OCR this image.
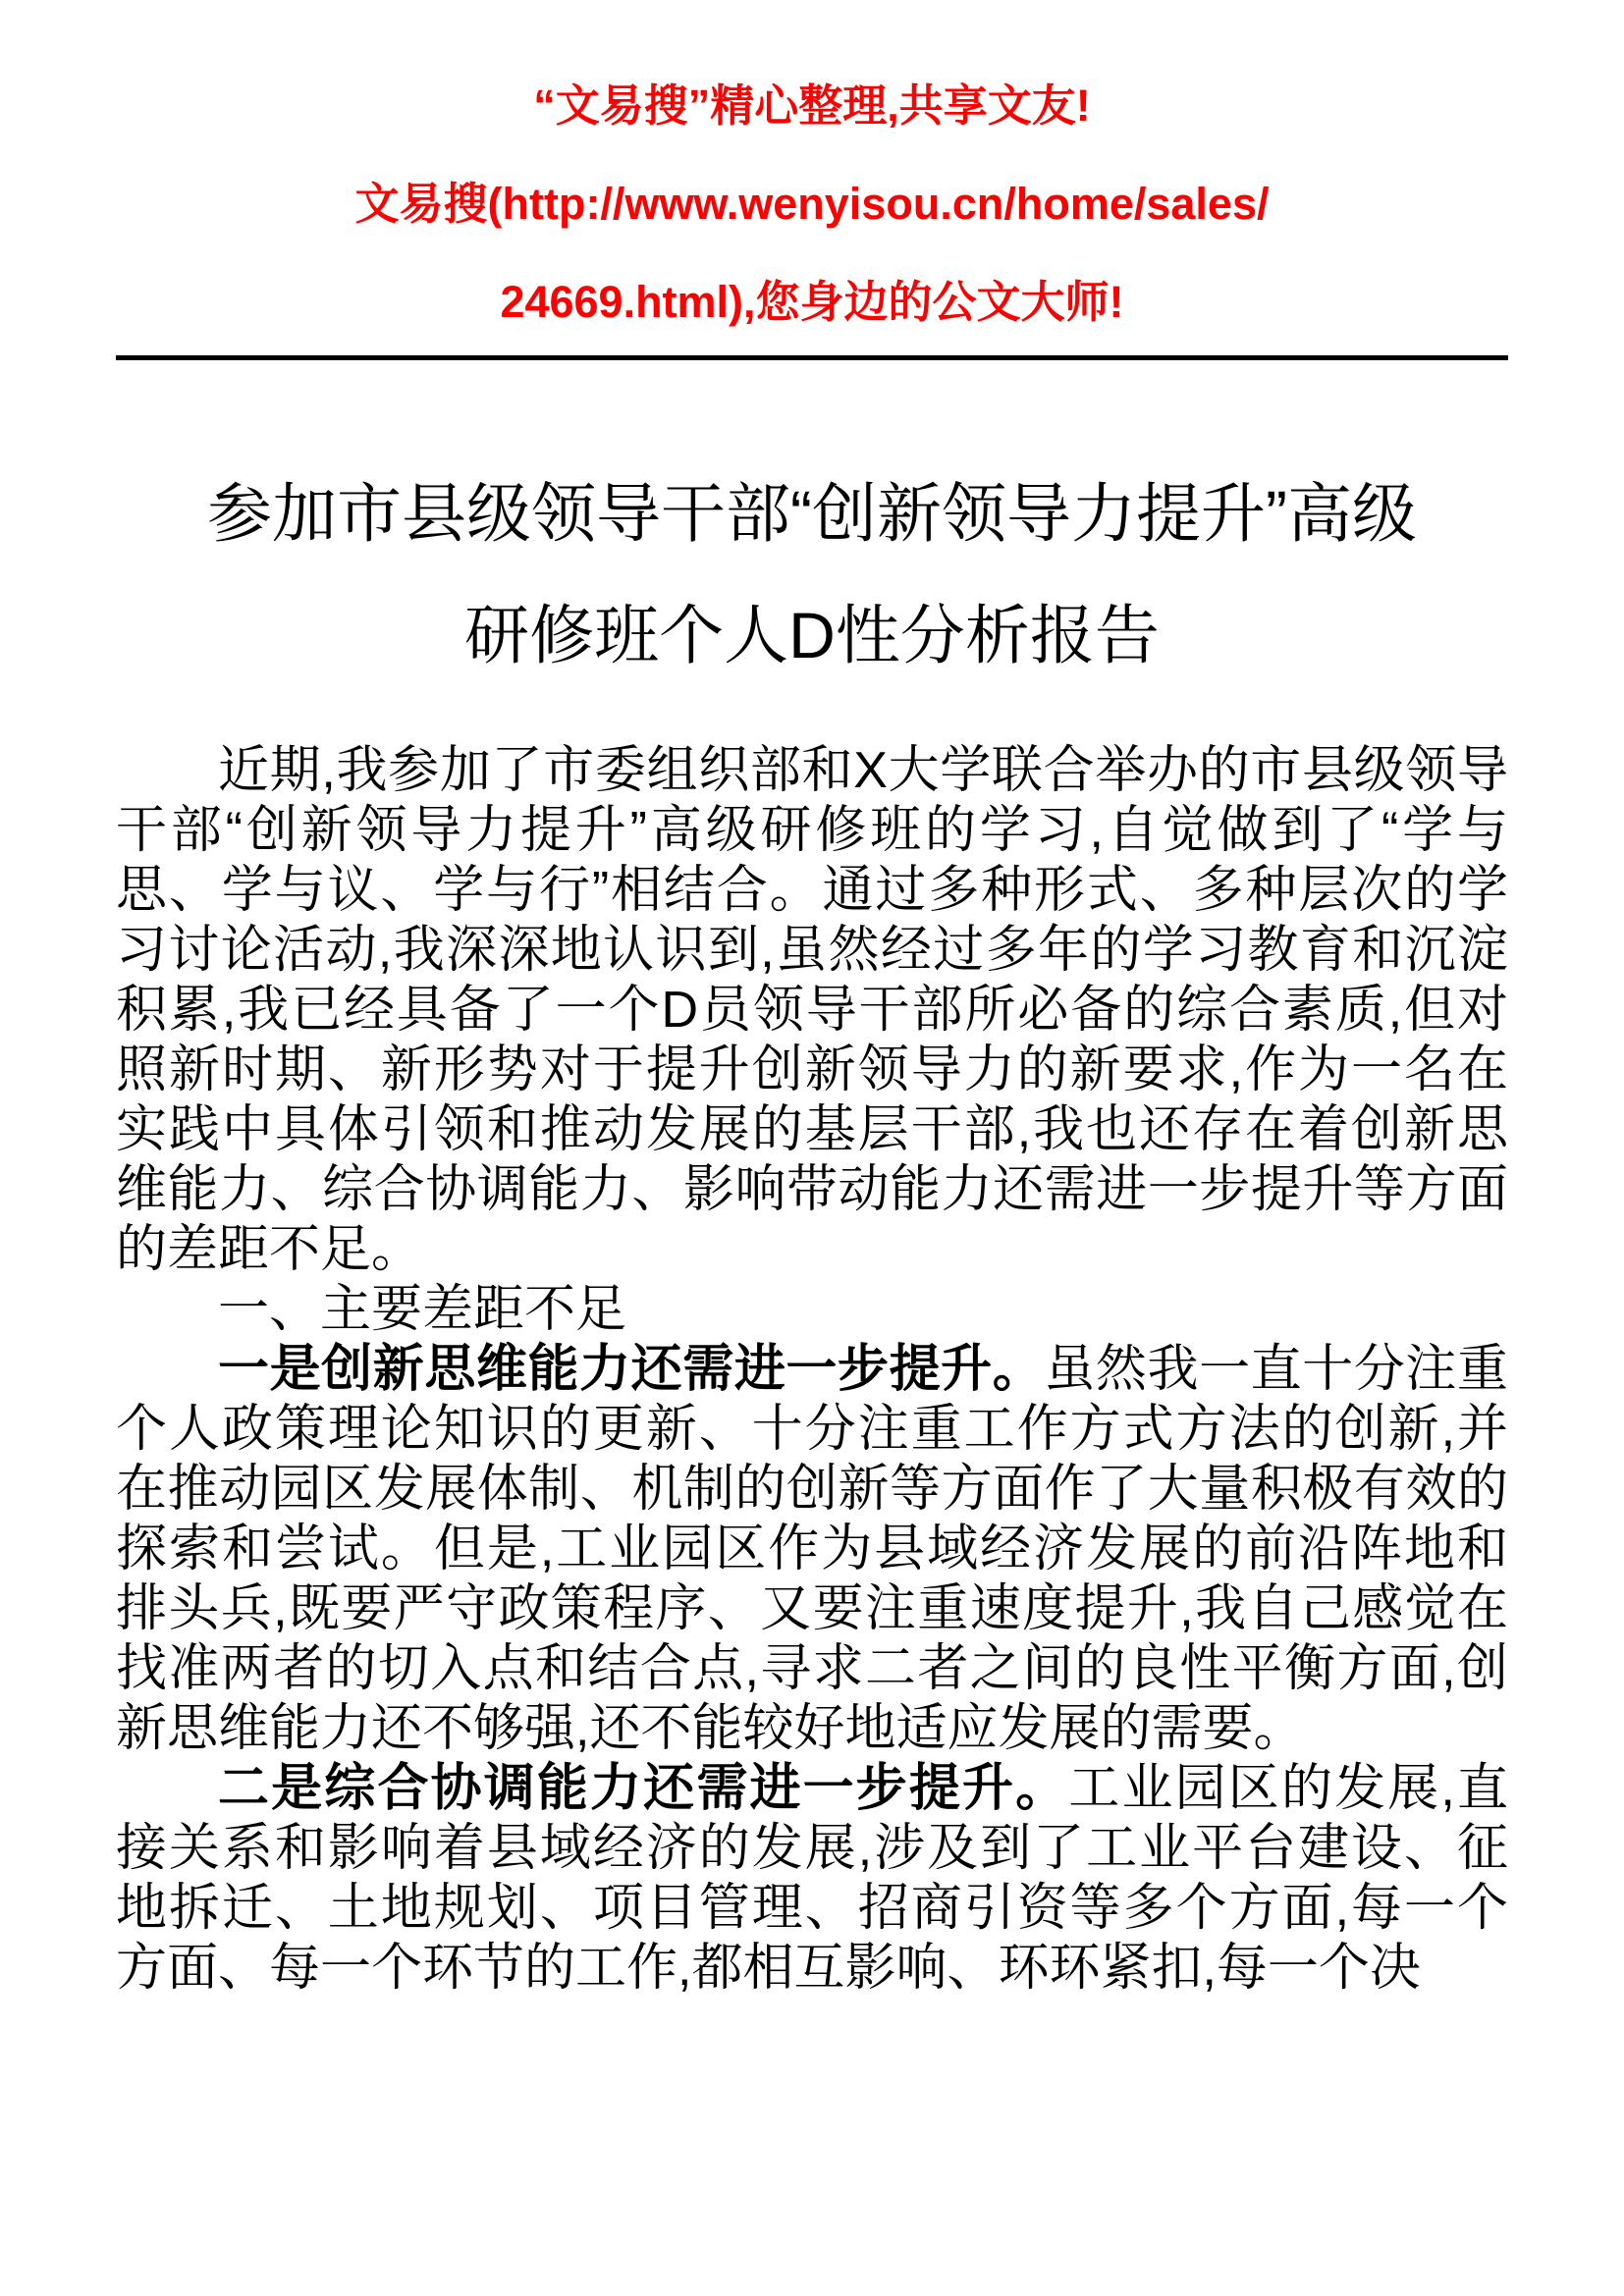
“文易搜”精心整理,共享文友!
文易搜(http://www.wenyisou.cn/home/sales/
24669.html),您身边的公文大师!
参加市县级领导干部“创新领导力提升”高级
研修班个人D性分析报告

近期,我参加了市委组织部和X大学联合举办的市县级领导干部“创新领导力提升”高级研修班的学习,自觉做到了“学与思、学与议、学与行”相结合。通过多种形式、多种层次的学习讨论活动,我深深地认识到,虽然经过多年的学习教育和沉淀积累,我已经具备了一个D员领导干部所必备的综合素质,但对照新时期、新形势对于提升创新领导力的新要求,作为一名在实践中具体引领和推动发展的基层干部,我也还存在着创新思维能力、综合协调能力、影响带动能力还需进一步提升等方面的差距不足。

一、主要差距不足

一是创新思维能力还需进一步提升。虽然我一直十分注重个人政策理论知识的更新、十分注重工作方式方法的创新,并在推动园区发展体制、机制的创新等方面作了大量积极有效的探索和尝试。但是,工业园区作为县域经济发展的前沿阵地和排头兵,既要严守政策程序、又要注重速度提升,我自己感觉在找准两者的切入点和结合点,寻求二者之间的良性平衡方面,创新思维能力还不够强,还不能较好地适应发展的需要。

二是综合协调能力还需进一步提升。工业园区的发展,直接关系和影响着县域经济的发展,涉及到了工业平台建设、征地拆迁、土地规划、项目管理、招商引资等多个方面,每一个方面、每一个环节的工作,都相互影响、环环紧扣,每一个决
